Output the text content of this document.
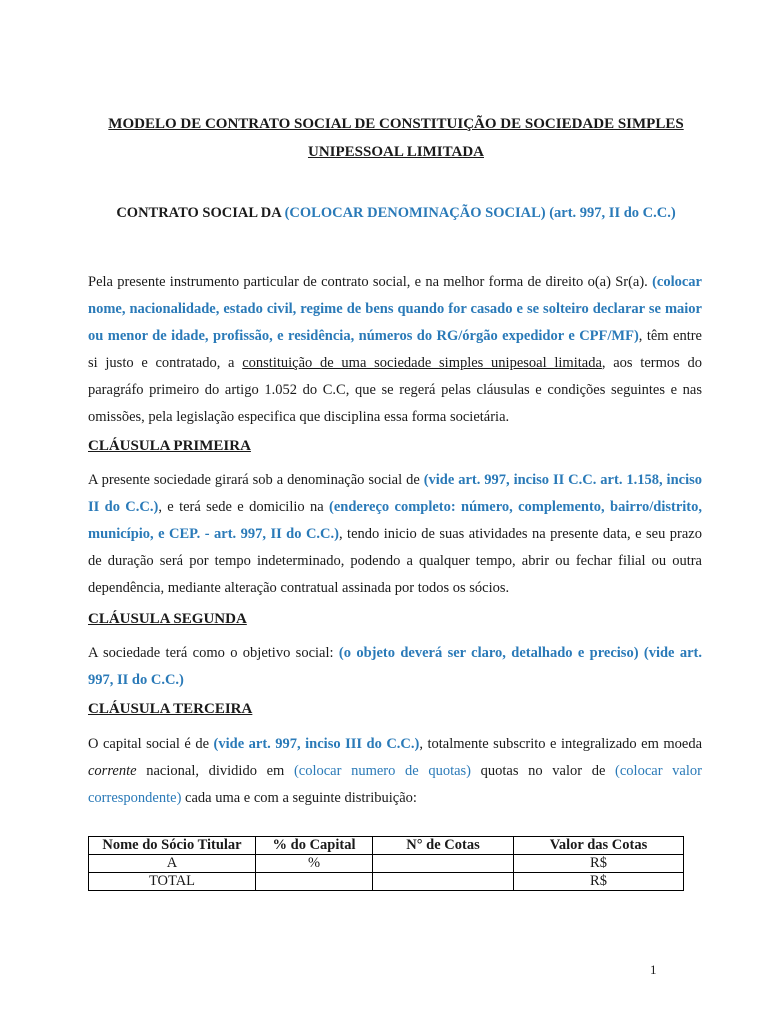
MODELO DE CONTRATO SOCIAL DE CONSTITUIÇÃO DE SOCIEDADE SIMPLES
UNIPESSOAL LIMITADA
CONTRATO SOCIAL DA (COLOCAR DENOMINAÇÃO SOCIAL) (art. 997, II do C.C.)

Pela presente instrumento particular de contrato social, e na melhor forma de direito o(a) Sr(a). (colocar nome, nacionalidade, estado civil, regime de bens quando for casado e se solteiro declarar se maior ou menor de idade, profissão, e residência, números do RG/órgão expedidor e CPF/MF), têm entre si justo e contratado, a constituição de uma sociedade simples unipesoal limitada, aos termos do paragráfo primeiro do artigo 1.052 do C.C, que se regerá pelas cláusulas e condições seguintes e nas omissões, pela legislação especifica que disciplina essa forma societária.

CLÁUSULA PRIMEIRA

A presente sociedade girará sob a denominação social de (vide art. 997, inciso II C.C. art. 1.158, inciso II do C.C.), e terá sede e domicilio na (endereço completo: número, complemento, bairro/distrito, município, e CEP. - art. 997, II do C.C.), tendo inicio de suas atividades na presente data, e seu prazo de duração será por tempo indeterminado, podendo a qualquer tempo, abrir ou fechar filial ou outra dependência, mediante alteração contratual assinada por todos os sócios.

CLÁUSULA SEGUNDA

A sociedade terá como o objetivo social: (o objeto deverá ser claro, detalhado e preciso) (vide art. 997, II do C.C.)

CLÁUSULA TERCEIRA

O capital social é de (vide art. 997, inciso III do C.C.), totalmente subscrito e integralizado em moeda corrente nacional, dividido em (colocar numero de quotas) quotas no valor de (colocar valor correspondente) cada uma e com a seguinte distribuição:

Nome do Sócio Titular	% do Capital	N° de Cotas	Valor das Cotas
A	%		R$
TOTAL			R$
1
